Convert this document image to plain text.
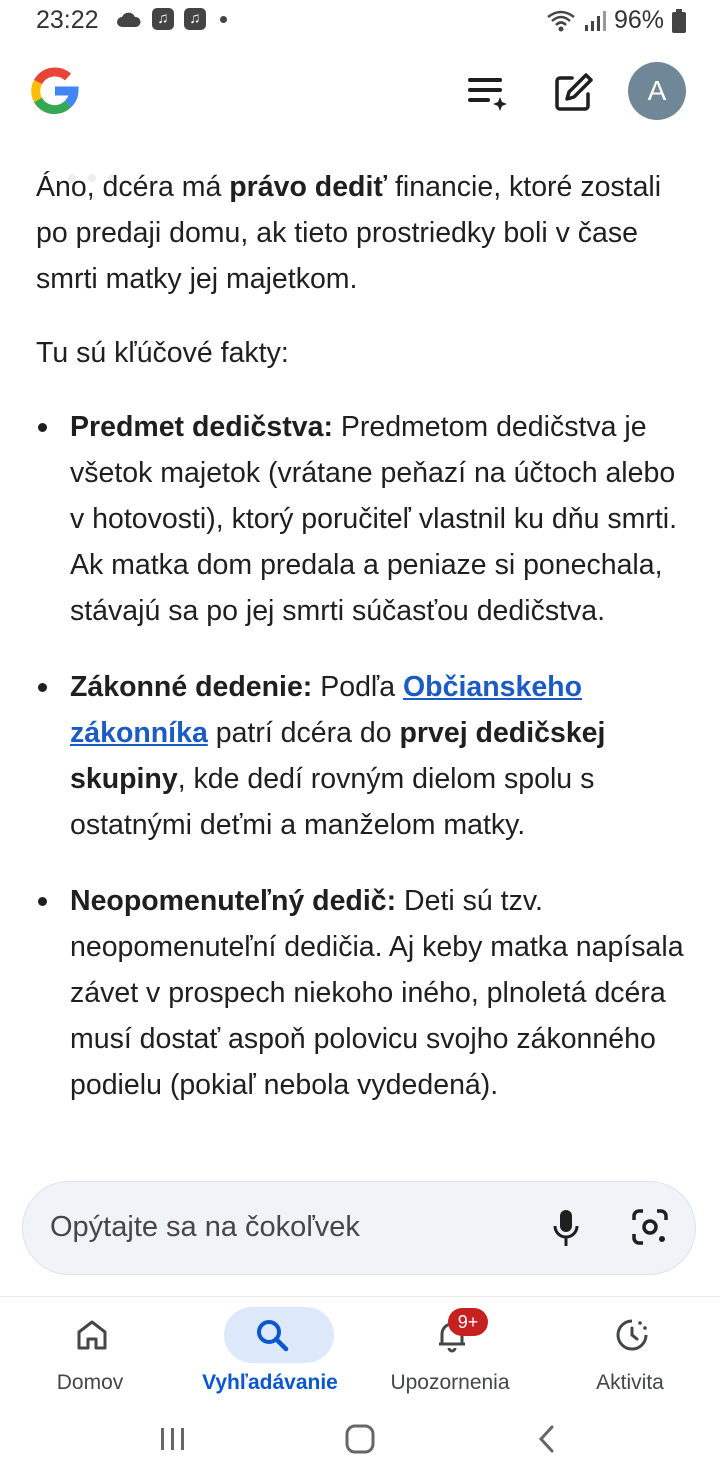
23:22	♫	♫	96%
A

Áno, dcéra má právo dediť financie, ktoré zostali po predaji domu, ak tieto prostriedky boli v čase smrti matky jej majetkom.

Tu sú kľúčové fakty:

Predmet dedičstva: Predmetom dedičstva je všetok majetok (vrátane peňazí na účtoch alebo v hotovosti), ktorý poručiteľ vlastnil ku dňu smrti. Ak matka dom predala a peniaze si ponechala, stávajú sa po jej smrti súčasťou dedičstva.
Zákonné dedenie: Podľa Občianskeho zákonníka patrí dcéra do prvej dedičskej skupiny, kde dedí rovným dielom spolu s ostatnými deťmi a manželom matky.
Neopomenuteľný dedič: Deti sú tzv. neopomenuteľní dedičia. Aj keby matka napísala závet v prospech niekoho iného, plnoletá dcéra musí dostať aspoň polovicu svojho zákonného podielu (pokiaľ nebola vydedená).
Opýtajte sa na čokoľvek
Domov	Vyhľadávanie	Upozornenia	Aktivita
9+
